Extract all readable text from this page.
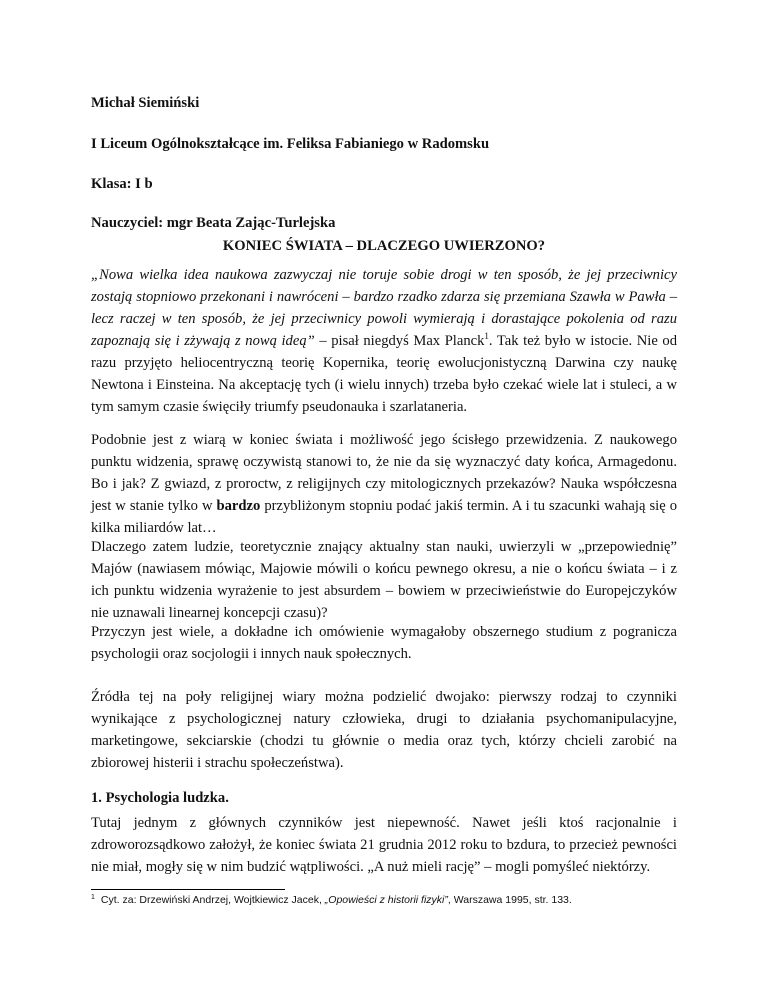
Michał Siemiński
I Liceum Ogólnokształcące im. Feliksa Fabianiego w Radomsku
Klasa: I b
Nauczyciel: mgr Beata Zając-Turlejska
KONIEC ŚWIATA – DLACZEGO UWIERZONO?
„Nowa wielka idea naukowa zazwyczaj nie toruje sobie drogi w ten sposób, że jej przeciwnicy zostają stopniowo przekonani i nawróceni – bardzo rzadko zdarza się przemiana Szawła w Pawła – lecz raczej w ten sposób, że jej przeciwnicy powoli wymierają i dorastające pokolenia od razu zapoznają się i zżywają z nową ideą” – pisał niegdyś Max Planck$^1$. Tak też było w istocie. Nie od razu przyjęto heliocentryczną teorię Kopernika, teorię ewolucjonistyczną Darwina czy naukę Newtona i Einsteina. Na akceptację tych (i wielu innych) trzeba było czekać wiele lat i stuleci, a w tym samym czasie święciły triumfy pseudonauka i szarlataneria.
Podobnie jest z wiarą w koniec świata i możliwość jego ścisłego przewidzenia. Z naukowego punktu widzenia, sprawę oczywistą stanowi to, że nie da się wyznaczyć daty końca, Armagedonu. Bo i jak? Z gwiazd, z proroctw, z religijnych czy mitologicznych przekazów? Nauka współczesna jest w stanie tylko w bardzo przybliżonym stopniu podać jakiś termin. A i tu szacunki wahają się o kilka miliardów lat…
Dlaczego zatem ludzie, teoretycznie znający aktualny stan nauki, uwierzyli w „przepowiednię” Majów (nawiasem mówiąc, Majowie mówili o końcu pewnego okresu, a nie o końcu świata – i z ich punktu widzenia wyrażenie to jest absurdem – bowiem w przeciwieństwie do Europejczyków nie uznawali linearnej koncepcji czasu)?
Przyczyn jest wiele, a dokładne ich omówienie wymagałoby obszernego studium z pogranicza psychologii oraz socjologii i innych nauk społecznych.
Źródła tej na poły religijnej wiary można podzielić dwojako: pierwszy rodzaj to czynniki wynikające z psychologicznej natury człowieka, drugi to działania psychomanipulacyjne, marketingowe, sekciarskie (chodzi tu głównie o media oraz tych, którzy chcieli zarobić na zbiorowej histerii i strachu społeczeństwa).
1. Psychologia ludzka.
Tutaj jednym z głównych czynników jest niepewność. Nawet jeśli ktoś racjonalnie i zdroworozsądkowo założył, że koniec świata 21 grudnia 2012 roku to bzdura, to przecież pewności nie miał, mogły się w nim budzić wątpliwości. „A nuż mieli rację” – mogli pomyśleć niektórzy.
$^1$ Cyt. za: Drzewiński Andrzej, Wojtkiewicz Jacek, „Opowieści z historii fizyki”, Warszawa 1995, str. 133.
